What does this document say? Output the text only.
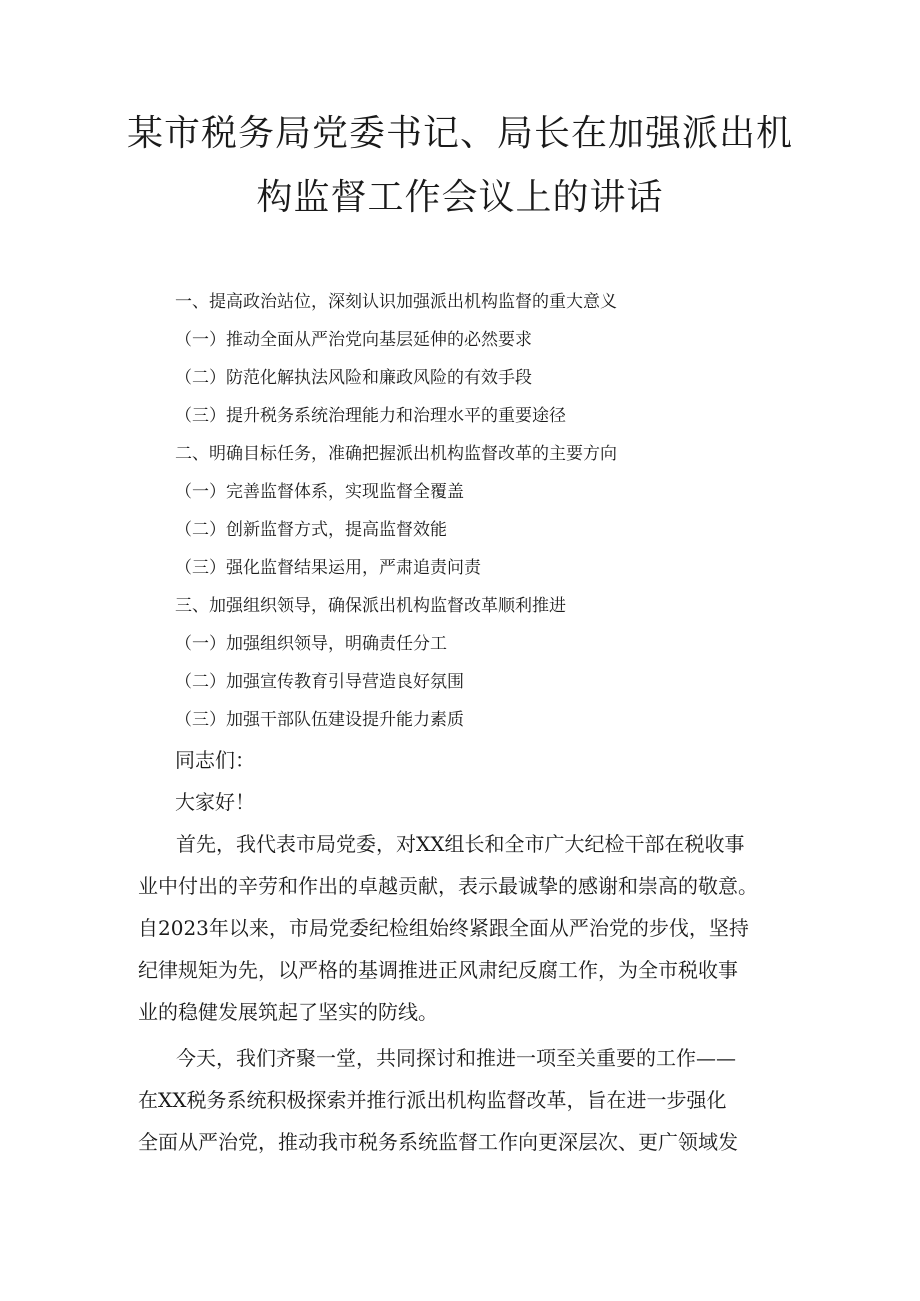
某市税务局党委书记、局长在加强派出机
构监督工作会议上的讲话
一、提高政治站位，深刻认识加强派出机构监督的重大意义
（一）推动全面从严治党向基层延伸的必然要求
（二）防范化解执法风险和廉政风险的有效手段
（三）提升税务系统治理能力和治理水平的重要途径
二、明确目标任务，准确把握派出机构监督改革的主要方向
（一）完善监督体系，实现监督全覆盖
（二）创新监督方式，提高监督效能
（三）强化监督结果运用，严肃追责问责
三、加强组织领导，确保派出机构监督改革顺利推进
（一）加强组织领导，明确责任分工
（二）加强宣传教育引导营造良好氛围
（三）加强干部队伍建设提升能力素质
同志们：
大家好！
首先，我代表市局党委，对XX组长和全市广大纪检干部在税收事
业中付出的辛劳和作出的卓越贡献，表示最诚挚的感谢和崇高的敬意。
自2023年以来，市局党委纪检组始终紧跟全面从严治党的步伐，坚持
纪律规矩为先，以严格的基调推进正风肃纪反腐工作，为全市税收事
业的稳健发展筑起了坚实的防线。
今天，我们齐聚一堂，共同探讨和推进一项至关重要的工作——
在XX税务系统积极探索并推行派出机构监督改革，旨在进一步强化
全面从严治党，推动我市税务系统监督工作向更深层次、更广领域发
